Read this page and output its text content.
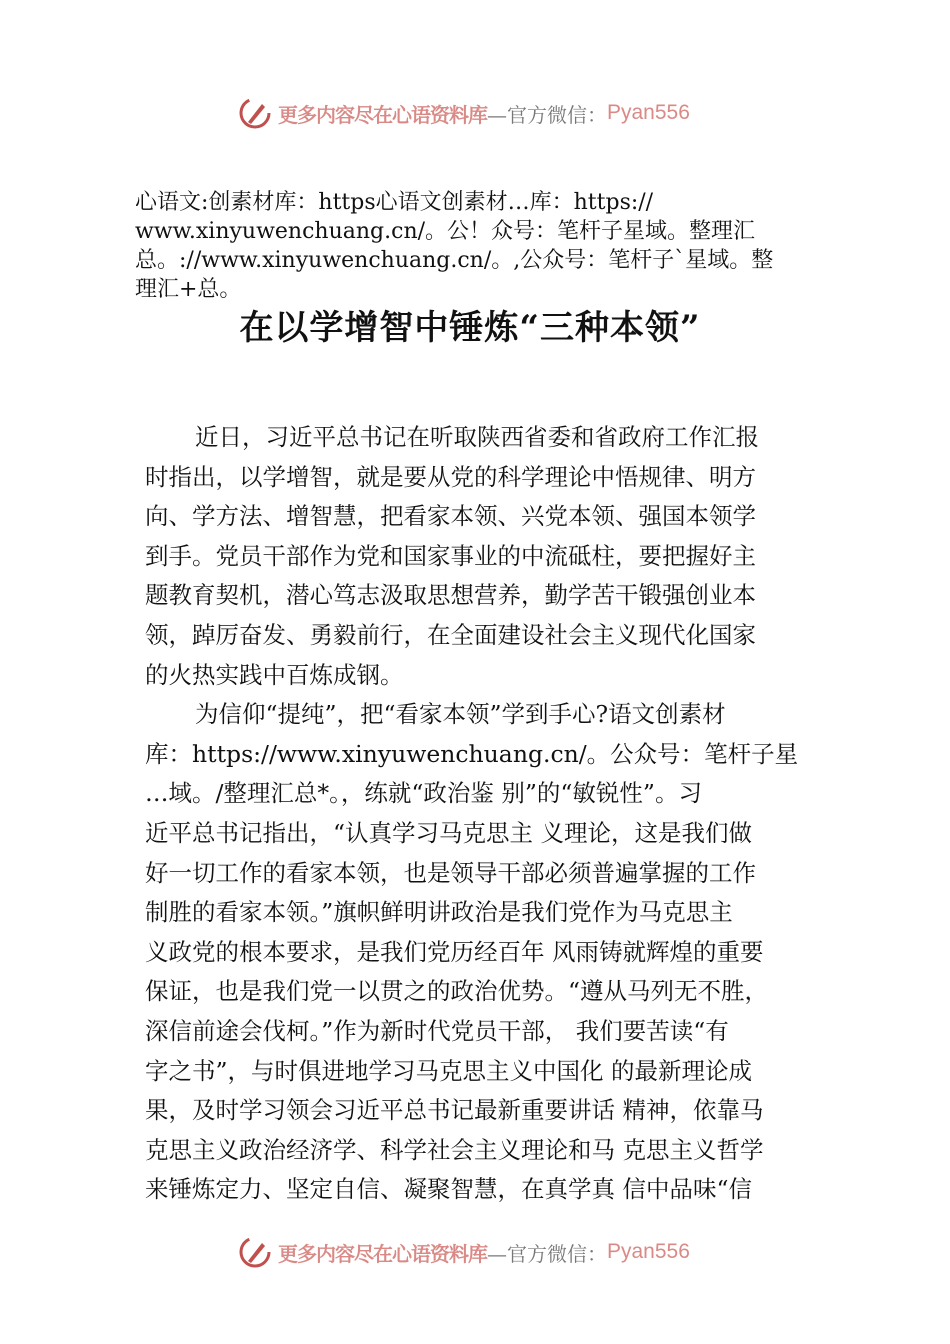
更多内容尽在心语资料库 —官方微信： Pyan556
心语文:创素材库：https心语文创素材…库：https://
www.xinyuwenchuang.cn/。公！众号：笔杆子星域。整理汇
总。://www.xinyuwenchuang.cn/。,公众号：笔杆子`星域。整
理汇+总。
在以学增智中锤炼“三种本领”
近日，习近平总书记在听取陕西省委和省政府工作汇报
时指出，以学增智，就是要从党的科学理论中悟规律、明方
向、学方法、增智慧，把看家本领、兴党本领、强国本领学
到手。党员干部作为党和国家事业的中流砥柱，要把握好主
题教育契机，潜心笃志汲取思想营养，勤学苦干锻强创业本
领，踔厉奋发、勇毅前行，在全面建设社会主义现代化国家
的火热实践中百炼成钢。
为信仰“提纯”，把“看家本领”学到手心?语文创素材
库：https://www.xinyuwenchuang.cn/。公众号：笔杆子星
…域。/整理汇总*。，练就“政治鉴 别”的“敏锐性”。习
近平总书记指出，“认真学习马克思主 义理论，这是我们做
好一切工作的看家本领，也是领导干部必须普遍掌握的工作
制胜的看家本领。”旗帜鲜明讲政治是我们党作为马克思主
义政党的根本要求，是我们党历经百年 风雨铸就辉煌的重要
保证，也是我们党一以贯之的政治优势。“遵从马列无不胜，
深信前途会伐柯。”作为新时代党员干部， 我们要苦读“有
字之书”，与时俱进地学习马克思主义中国化 的最新理论成
果，及时学习领会习近平总书记最新重要讲话 精神，依靠马
克思主义政治经济学、科学社会主义理论和马 克思主义哲学
来锤炼定力、坚定自信、凝聚智慧，在真学真 信中品味“信
更多内容尽在心语资料库 —官方微信： Pyan556
